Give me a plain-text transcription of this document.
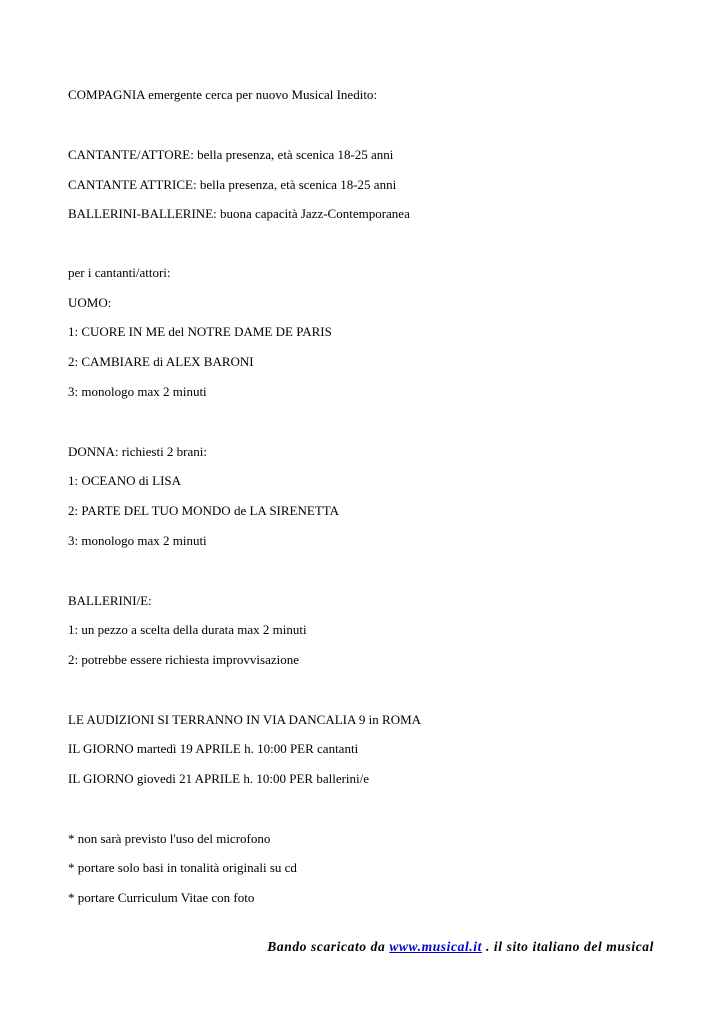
COMPAGNIA emergente cerca per nuovo Musical Inedito:
CANTANTE/ATTORE: bella presenza, età scenica 18-25 anni
CANTANTE ATTRICE: bella presenza, età scenica 18-25 anni
BALLERINI-BALLERINE: buona capacità Jazz-Contemporanea
per i cantanti/attori:
UOMO:
1: CUORE IN ME del NOTRE DAME DE PARIS
2: CAMBIARE di ALEX BARONI
3: monologo max 2 minuti
DONNA: richiesti 2 brani:
1: OCEANO di LISA
2: PARTE DEL TUO MONDO de LA SIRENETTA
3: monologo max 2 minuti
BALLERINI/E:
1: un pezzo a scelta della durata max 2 minuti
2: potrebbe essere richiesta improvvisazione
LE AUDIZIONI SI TERRANNO IN VIA DANCALIA 9 in ROMA
IL GIORNO martedì 19 APRILE h. 10:00 PER cantanti
IL GIORNO giovedì 21 APRILE h. 10:00 PER ballerini/e
* non sarà previsto l'uso del microfono
* portare solo basi in tonalità originali su cd
* portare Curriculum Vitae con foto
Bando scaricato da www.musical.it . il sito italiano del musical
